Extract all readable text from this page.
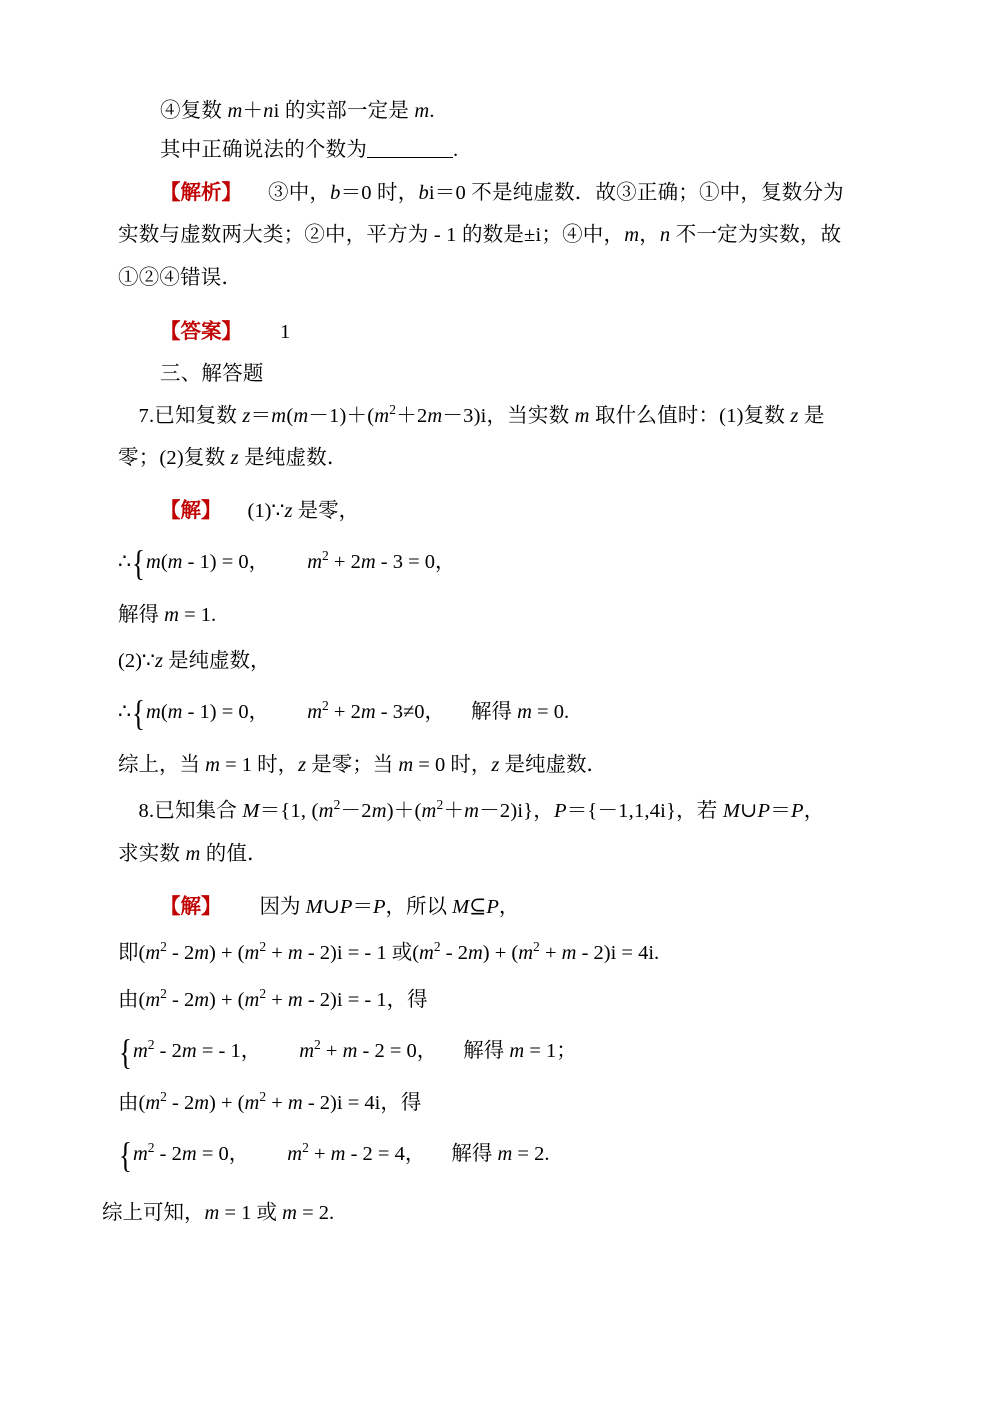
④复数 m＋ni 的实部一定是 m.
其中正确说法的个数为	.
【解析】 ③中，b＝0 时，bi＝0 不是纯虚数．故③正确；①中，复数分为
实数与虚数两大类；②中，平方为 - 1 的数是±i；④中，m，n 不一定为实数，故
①②④错误．
【答案】 1
三、解答题
7.已知复数 $z=m(m-1)+(m^2+2m-3)i$，当实数 m 取什么值时：(1)复数 z 是
零；(2)复数 z 是纯虚数．
【解】 (1)∵z 是零，
∴{m(m - 1) = 0， $m^2 + 2m - 3 = 0$，
解得 m = 1.
(2)∵z 是纯虚数，
∴{m(m - 1) = 0， $m^2 + 2m - 3\ne 0$， 解得 m = 0.
综上，当 m = 1 时，z 是零；当 m = 0 时，z 是纯虚数．
8.已知集合 M＝{1, $(m^2-2m)+(m^2+m-2)i$}，P＝{－1,1,4i}，若 M∪P＝P，
求实数 m 的值．
【解】 因为 M∪P＝P，所以 M⊆P，
即$(m^2 - 2m) + (m^2 + m - 2)i$ = - 1 或$(m^2 - 2m) + (m^2 + m - 2)i = 4i$.
由$(m^2 - 2m) + (m^2 + m - 2)i$ = - 1，得
{$m^2 - 2m$ = - 1， $m^2 + m - 2 = 0$， 解得 m = 1；
由$(m^2 - 2m) + (m^2 + m - 2)i = 4i$，得
{$m^2 - 2m = 0$， $m^2 + m - 2 = 4$， 解得 m = 2.
综上可知，m = 1 或 m = 2.
